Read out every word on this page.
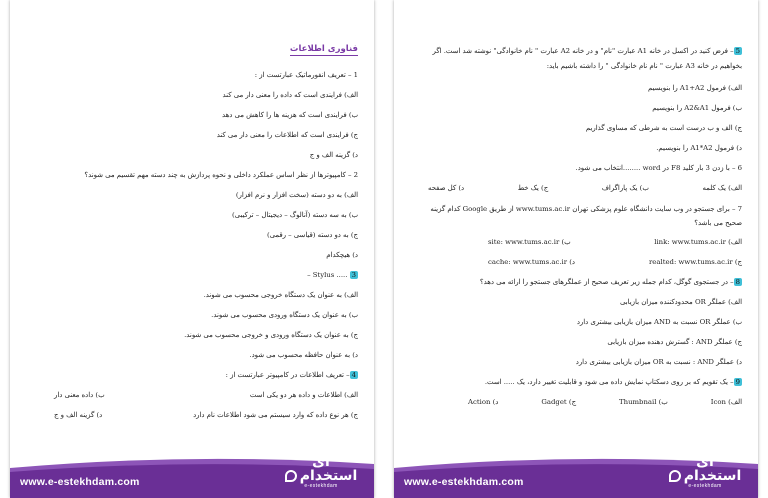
فناوری اطلاعات

1 – تعریف انفورماتیک عبارتست از :

الف) فرایندی است که داده را معنی دار می کند

ب) فرایندی است که هزینه ها را کاهش می دهد

ج) فرایندی است که اطلاعات را معنی دار می کند

د) گزینه الف و ج

2 – کامپیوترها از نظر اساس عملکرد داخلی و نحوه پردازش به چند دسته مهم تقسیم می شوند؟

الف) به دو دسته (سخت افزار و نرم افزار)

ب) به سه دسته (آنالوگ – دیجیتال – ترکیبی)

ج) به دو دسته (قیاسی – رقمی)

د) هیچکدام

3 – Stylus .....

الف) به عنوان یک دستگاه خروجی محسوب می شوند.

ب) به عنوان یک دستگاه ورودی محسوب می شوند.

ج) به عنوان یک دستگاه ورودی و خروجی محسوب می شوند.

د) به عنوان حافظه محسوب می شود.

4– تعریف اطلاعات در کامپیوتر عبارتست از :

الف) اطلاعات و داده هر دو یکی است
ب) داده معنی دار
ج) هر نوع داده که وارد سیستم می شود اطلاعات نام دارد
د) گزینه الف و ج
www.e-estekhdam.com
ای استخدام
e-estekhdam

5– فرض کنید در اکسل در خانه A1 عبارت "نام" و در خانه A2 عبارت " نام خانوادگی" نوشته شد است. اگر

بخواهیم در خانه A3 عبارت " نام نام خانوادگی " را داشته باشیم باید:

الف) فرمول A1+A2 را بنویسیم

ب) فرمول A2&A1 را بنویسیم

ج) الف و ب درست است به شرطی که مساوی گذاریم

د) فرمول A1*A2 را بنویسیم.

6 – با زدن 3 بار کلید F8 در word ........انتخاب می شود.

الف) یک کلمه
ب) یک پاراگراف
ج) یک خط
د) کل صفحه

7 – برای جستجو در وب سایت دانشگاه علوم پزشکی تهران www.tums.ac.ir از طریق Google کدام گزینه

صحیح می باشد؟

الف) link: www.tums.ac.ir
ب) site: www.tums.ac.ir
ج) realted: www.tums.ac.ir
د) cache: www.tums.ac.ir

8– در جستجوی گوگل، کدام جمله زیر تعریف صحیح از عملگرهای جستجو را ارائه می دهد؟

الف) عملگر OR محدودکننده میزان بازیابی

ب) عملگر OR نسبت به AND میزان بازیابی بیشتری دارد

ج) عملگر AND : گسترش دهنده میزان بازیابی

د) عملگر AND : نسبت به OR میزان بازیابی بیشتری دارد

9– یک تقویم که بر روی دسکتاپ نمایش داده می شود و قابلیت تغییر دارد، یک ..... است.

الف) Icon
ب) Thumbnail
ج) Gadget
د) Action
www.e-estekhdam.com
ای استخدام
e-estekhdam
